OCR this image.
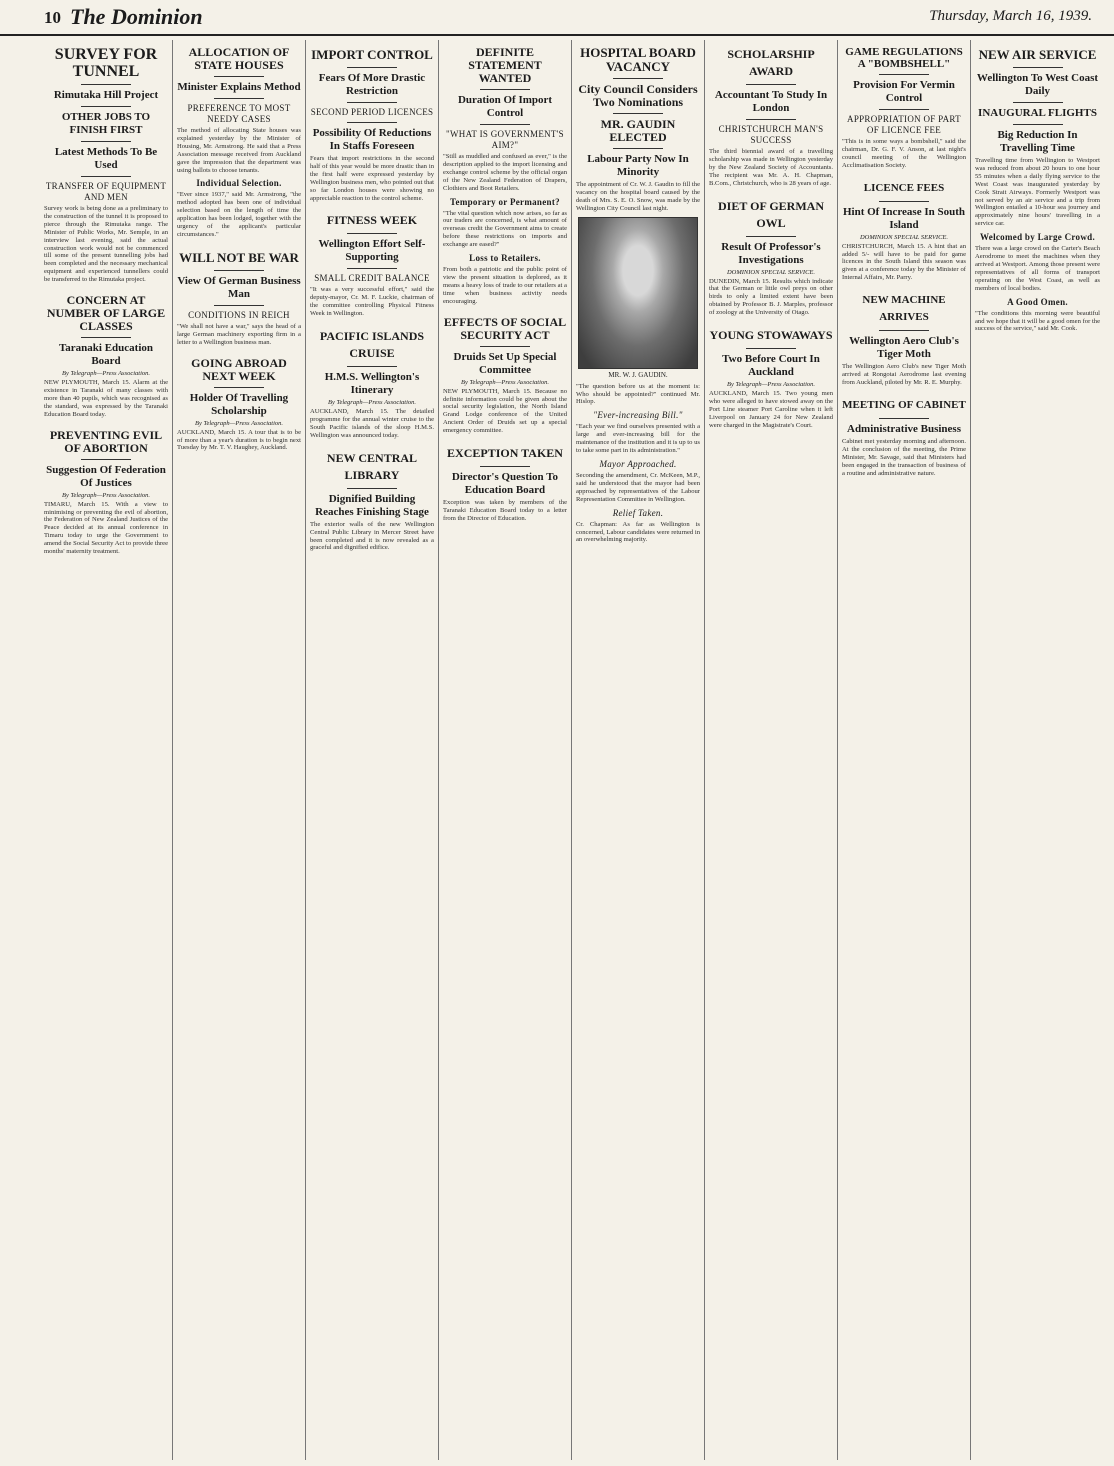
10 The Dominion	Thursday, March 16, 1939.
SURVEY FOR TUNNEL
Rimutaka Hill Project
OTHER JOBS TO FINISH FIRST
Latest Methods To Be Used
TRANSFER OF EQUIPMENT AND MEN
Survey work is being done as a preliminary to the construction of the tunnel it is proposed to pierce through the Rimutaka range. The Minister of Public Works, Mr. Semple, in an interview last evening, said the actual construction work would not be commenced till some of the present tunnelling jobs had been completed and the necessary mechanical equipment and experienced tunnellers could be transferred to the Rimutaka project.
CONCERN AT NUMBER OF LARGE CLASSES
Taranaki Education Board
By Telegraph—Press Association.
NEW PLYMOUTH, March 15. Alarm at the existence in Taranaki of many classes with more than 40 pupils, which was recognised as the standard, was expressed by the Taranaki Education Board today.
PREVENTING EVIL OF ABORTION
Suggestion Of Federation Of Justices
By Telegraph—Press Association.
TIMARU, March 15. With a view to minimising or preventing the evil of abortion, the Federation of New Zealand Justices of the Peace decided at its annual conference in Timaru today to urge the Government to amend the Social Security Act to provide three months' maternity treatment.
ALLOCATION OF STATE HOUSES
Minister Explains Method
PREFERENCE TO MOST NEEDY CASES
The method of allocating State houses was explained yesterday by the Minister of Housing, Mr. Armstrong. He said that a Press Association message received from Auckland gave the impression that the department was using ballots to choose tenants.
Individual Selection.
"Ever since 1937," said Mr. Armstrong, "the method adopted has been one of individual selection based on the length of time the application has been lodged, together with the urgency of the applicant's particular circumstances."
WILL NOT BE WAR
View Of German Business Man
CONDITIONS IN REICH
"We shall not have a war," says the head of a large German machinery exporting firm in a letter to a Wellington business man.
GOING ABROAD NEXT WEEK
Holder Of Travelling Scholarship
By Telegraph—Press Association.
AUCKLAND, March 15. A tour that is to be of more than a year's duration is to begin next Tuesday by Mr. T. V. Haughey, Auckland.
IMPORT CONTROL
Fears Of More Drastic Restriction
SECOND PERIOD LICENCES
Possibility Of Reductions In Staffs Foreseen
Fears that import restrictions in the second half of this year would be more drastic than in the first half were expressed yesterday by Wellington business men, who pointed out that so far London houses were showing no appreciable reaction to the control scheme.
FITNESS WEEK
Wellington Effort Self-Supporting
SMALL CREDIT BALANCE
"It was a very successful effort," said the deputy-mayor, Cr. M. F. Luckie, chairman of the committee controlling Physical Fitness Week in Wellington.
PACIFIC ISLANDS CRUISE
H.M.S. Wellington's Itinerary
By Telegraph—Press Association.
AUCKLAND, March 15. The detailed programme for the annual winter cruise to the South Pacific islands of the sloop H.M.S. Wellington was announced today.
NEW CENTRAL LIBRARY
Dignified Building Reaches Finishing Stage
The exterior walls of the new Wellington Central Public Library in Mercer Street have been completed and it is now revealed as a graceful and dignified edifice.
DEFINITE STATEMENT WANTED
Duration Of Import Control
"WHAT IS GOVERNMENT'S AIM?"
"Still as muddled and confused as ever," is the description applied to the import licensing and exchange control scheme by the official organ of the New Zealand Federation of Drapers, Clothiers and Boot Retailers.
Temporary or Permanent?
"The vital question which now arises, so far as our traders are concerned, is what amount of overseas credit the Government aims to create before these restrictions on imports and exchange are eased?"
Loss to Retailers.
From both a patriotic and the public point of view the present situation is deplored, as it means a heavy loss of trade to our retailers at a time when business activity needs encouraging.
EFFECTS OF SOCIAL SECURITY ACT
Druids Set Up Special Committee
By Telegraph—Press Association.
NEW PLYMOUTH, March 15. Because no definite information could be given about the social security legislation, the North Island Grand Lodge conference of the United Ancient Order of Druids set up a special emergency committee.
EXCEPTION TAKEN
Director's Question To Education Board
Exception was taken by members of the Taranaki Education Board today to a letter from the Director of Education.
HOSPITAL BOARD VACANCY
City Council Considers Two Nominations
MR. GAUDIN ELECTED
Labour Party Now In Minority
The appointment of Cr. W. J. Gaudin to fill the vacancy on the hospital board caused by the death of Mrs. S. E. O. Snow, was made by the Wellington City Council last night.
MR. W. J. GAUDIN.
"The question before us at the moment is: Who should be appointed?" continued Mr. Hislop.
"Ever-increasing Bill."
"Each year we find ourselves presented with a large and ever-increasing bill for the maintenance of the institution and it is up to us to take some part in its administration."
Mayor Approached.
Seconding the amendment, Cr. McKeen, M.P., said he understood that the mayor had been approached by representatives of the Labour Representation Committee in Wellington.
Relief Taken.
Cr. Chapman: As far as Wellington is concerned, Labour candidates were returned in an overwhelming majority.
SCHOLARSHIP AWARD
Accountant To Study In London
CHRISTCHURCH MAN'S SUCCESS
The third biennial award of a travelling scholarship was made in Wellington yesterday by the New Zealand Society of Accountants. The recipient was Mr. A. H. Chapman, B.Com., Christchurch, who is 28 years of age.
DIET OF GERMAN OWL
Result Of Professor's Investigations
DOMINION SPECIAL SERVICE.
DUNEDIN, March 15. Results which indicate that the German or little owl preys on other birds to only a limited extent have been obtained by Professor B. J. Marples, professor of zoology at the University of Otago.
YOUNG STOWAWAYS
Two Before Court In Auckland
By Telegraph—Press Association.
AUCKLAND, March 15. Two young men who were alleged to have stowed away on the Port Line steamer Port Caroline when it left Liverpool on January 24 for New Zealand were charged in the Magistrate's Court.
GAME REGULATIONS A "BOMBSHELL"
Provision For Vermin Control
APPROPRIATION OF PART OF LICENCE FEE
"This is in some ways a bombshell," said the chairman, Dr. G. F. V. Anson, at last night's council meeting of the Wellington Acclimatisation Society.
LICENCE FEES
Hint Of Increase In South Island
DOMINION SPECIAL SERVICE.
CHRISTCHURCH, March 15. A hint that an added 5/- will have to be paid for game licences in the South Island this season was given at a conference today by the Minister of Internal Affairs, Mr. Parry.
NEW MACHINE ARRIVES
Wellington Aero Club's Tiger Moth
The Wellington Aero Club's new Tiger Moth arrived at Rongotai Aerodrome last evening from Auckland, piloted by Mr. R. E. Murphy.
MEETING OF CABINET
Administrative Business
Cabinet met yesterday morning and afternoon. At the conclusion of the meeting, the Prime Minister, Mr. Savage, said that Ministers had been engaged in the transaction of business of a routine and administrative nature.
NEW AIR SERVICE
Wellington To West Coast Daily
INAUGURAL FLIGHTS
Big Reduction In Travelling Time
Travelling time from Wellington to Westport was reduced from about 20 hours to one hour 55 minutes when a daily flying service to the West Coast was inaugurated yesterday by Cook Strait Airways. Formerly Westport was not served by an air service and a trip from Wellington entailed a 10-hour sea journey and approximately nine hours' travelling in a service car.
Welcomed by Large Crowd.
There was a large crowd on the Carter's Beach Aerodrome to meet the machines when they arrived at Westport. Among those present were representatives of all forms of transport operating on the West Coast, as well as members of local bodies.
A Good Omen.
"The conditions this morning were beautiful and we hope that it will be a good omen for the success of the service," said Mr. Cook.
